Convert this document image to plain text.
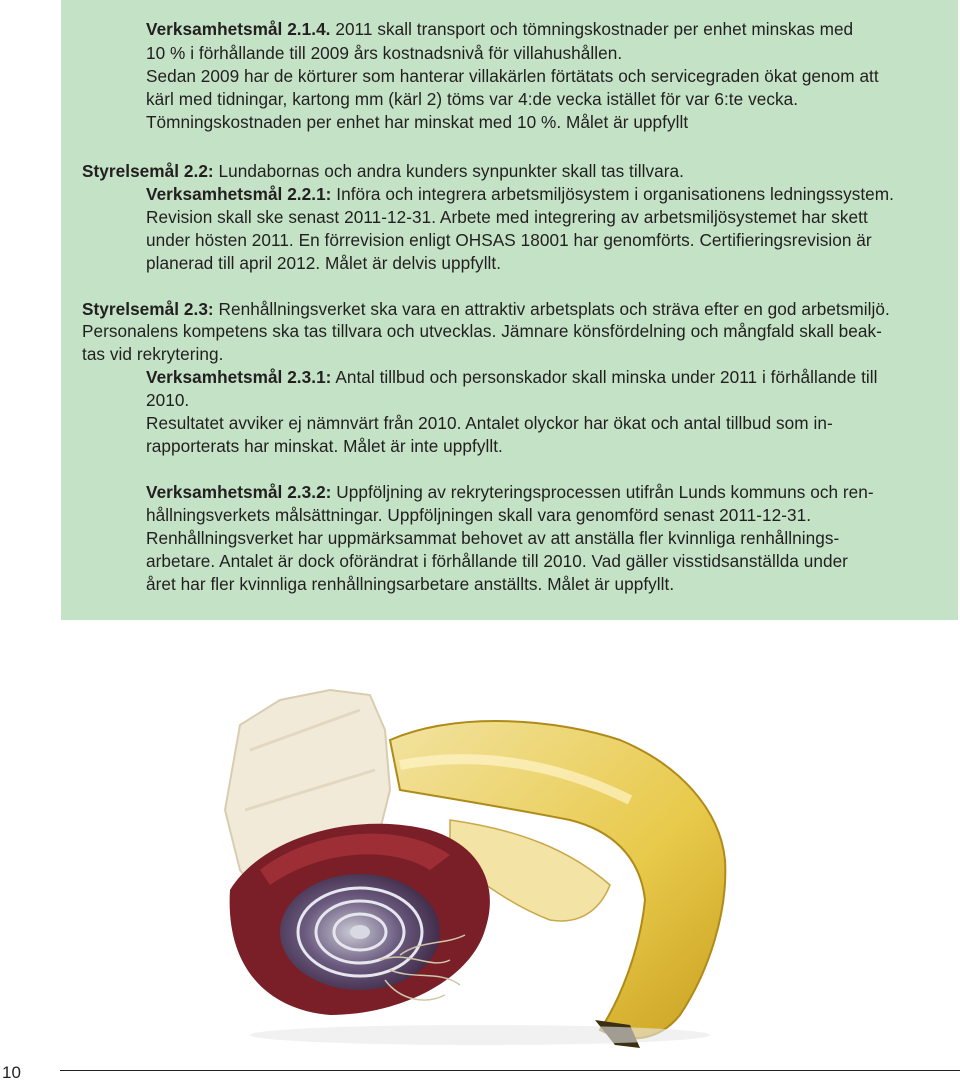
Verksamhetsmål 2.1.4. 2011 skall transport och tömningskostnader per enhet minskas med
10 % i förhållande till 2009 års kostnadsnivå för villahushållen.
Sedan 2009 har de körturer som hanterar villakärlen förtätats och servicegraden ökat genom att
kärl med tidningar, kartong mm (kärl 2) töms var 4:de vecka istället för var 6:te vecka.
Tömningskostnaden per enhet har minskat med 10 %. Målet är uppfyllt
Styrelsemål 2.2: Lundabornas och andra kunders synpunkter skall tas tillvara.
Verksamhetsmål 2.2.1: Införa och integrera arbetsmiljösystem i organisationens ledningssystem.
Revision skall ske senast 2011-12-31. Arbete med integrering av arbetsmiljösystemet har skett
under hösten 2011. En förrevision enligt OHSAS 18001 har genomförts. Certifieringsrevision är
planerad till april 2012. Målet är delvis uppfyllt.
Styrelsemål 2.3: Renhållningsverket ska vara en attraktiv arbetsplats och sträva efter en god arbetsmiljö.
Personalens kompetens ska tas tillvara och utvecklas. Jämnare könsfördelning och mångfald skall beak-
tas vid rekrytering.
Verksamhetsmål 2.3.1: Antal tillbud och personskador skall minska under 2011 i förhållande till
2010.
Resultatet avviker ej nämnvärt från 2010. Antalet olyckor har ökat och antal tillbud som in-
rapporterats har minskat. Målet är inte uppfyllt.
Verksamhetsmål 2.3.2: Uppföljning av rekryteringsprocessen utifrån Lunds kommuns och ren-
hållningsverkets målsättningar. Uppföljningen skall vara genomförd senast 2011-12-31.
Renhållningsverket har uppmärksammat behovet av att anställa fler kvinnliga renhållnings-
arbetare. Antalet är dock oförändrat i förhållande till 2010. Vad gäller visstidsanställda under
året har fler kvinnliga renhållningsarbetare anställts. Målet är uppfyllt.
10
